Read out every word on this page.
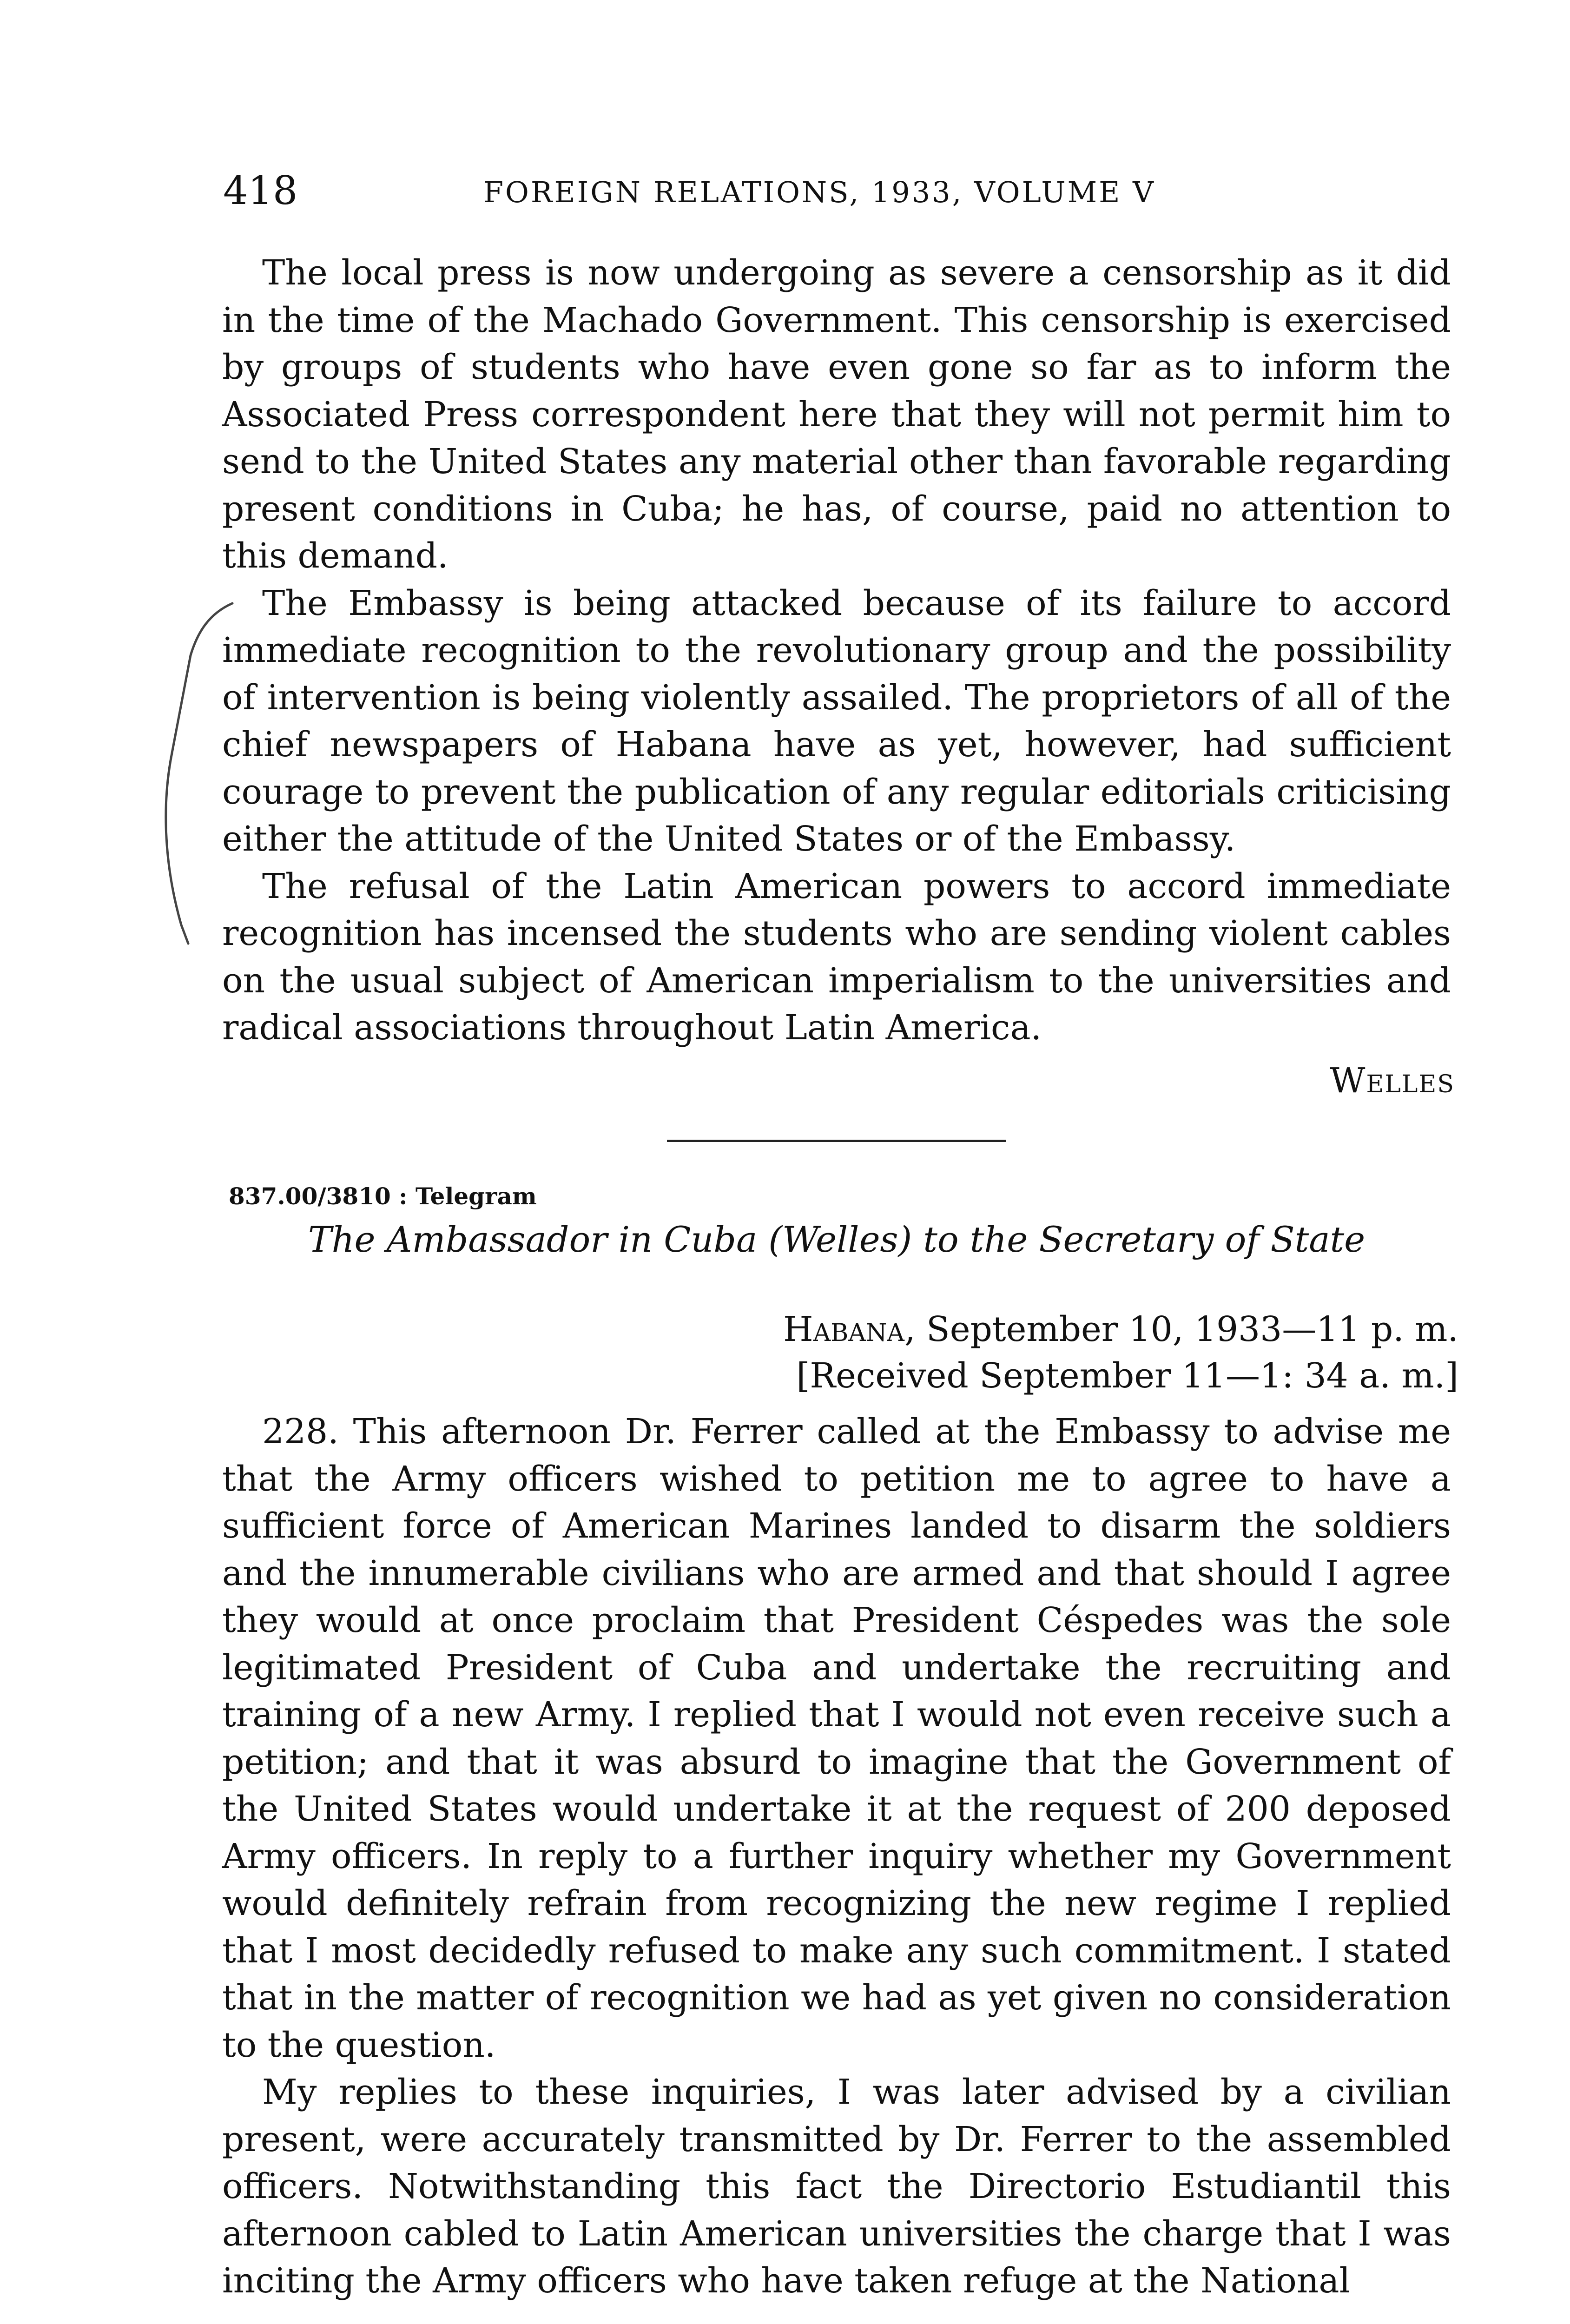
418	FOREIGN RELATIONS, 1933, VOLUME V

The local press is now undergoing as severe a censorship as it did in the time of the Machado Government. This censorship is exercised by groups of students who have even gone so far as to inform the Associated Press correspondent here that they will not permit him to send to the United States any material other than favorable regarding present conditions in Cuba; he has, of course, paid no attention to this demand.

The Embassy is being attacked because of its failure to accord immediate recognition to the revolutionary group and the possibility of intervention is being violently assailed. The proprietors of all of the chief newspapers of Habana have as yet, however, had sufficient courage to prevent the publication of any regular editorials criticising either the attitude of the United States or of the Embassy.

The refusal of the Latin American powers to accord immediate recognition has incensed the students who are sending violent cables on the usual subject of American imperialism to the universities and radical associations throughout Latin America.

Welles
837.00/3810 : Telegram
The Ambassador in Cuba (Welles) to the Secretary of State
Habana, September 10, 1933—11 p. m.
[Received September 11—1: 34 a. m.]

228. This afternoon Dr. Ferrer called at the Embassy to advise me that the Army officers wished to petition me to agree to have a sufficient force of American Marines landed to disarm the soldiers and the innumerable civilians who are armed and that should I agree they would at once proclaim that President Céspedes was the sole legitimated President of Cuba and undertake the recruiting and training of a new Army. I replied that I would not even receive such a petition; and that it was absurd to imagine that the Government of the United States would undertake it at the request of 200 deposed Army officers. In reply to a further inquiry whether my Government would definitely refrain from recognizing the new regime I replied that I most decidedly refused to make any such commitment. I stated that in the matter of recognition we had as yet given no consideration to the question.

My replies to these inquiries, I was later advised by a civilian present, were accurately transmitted by Dr. Ferrer to the assembled officers. Notwithstanding this fact the Directorio Estudiantil this afternoon cabled to Latin American universities the charge that I was inciting the Army officers who have taken refuge at the National
